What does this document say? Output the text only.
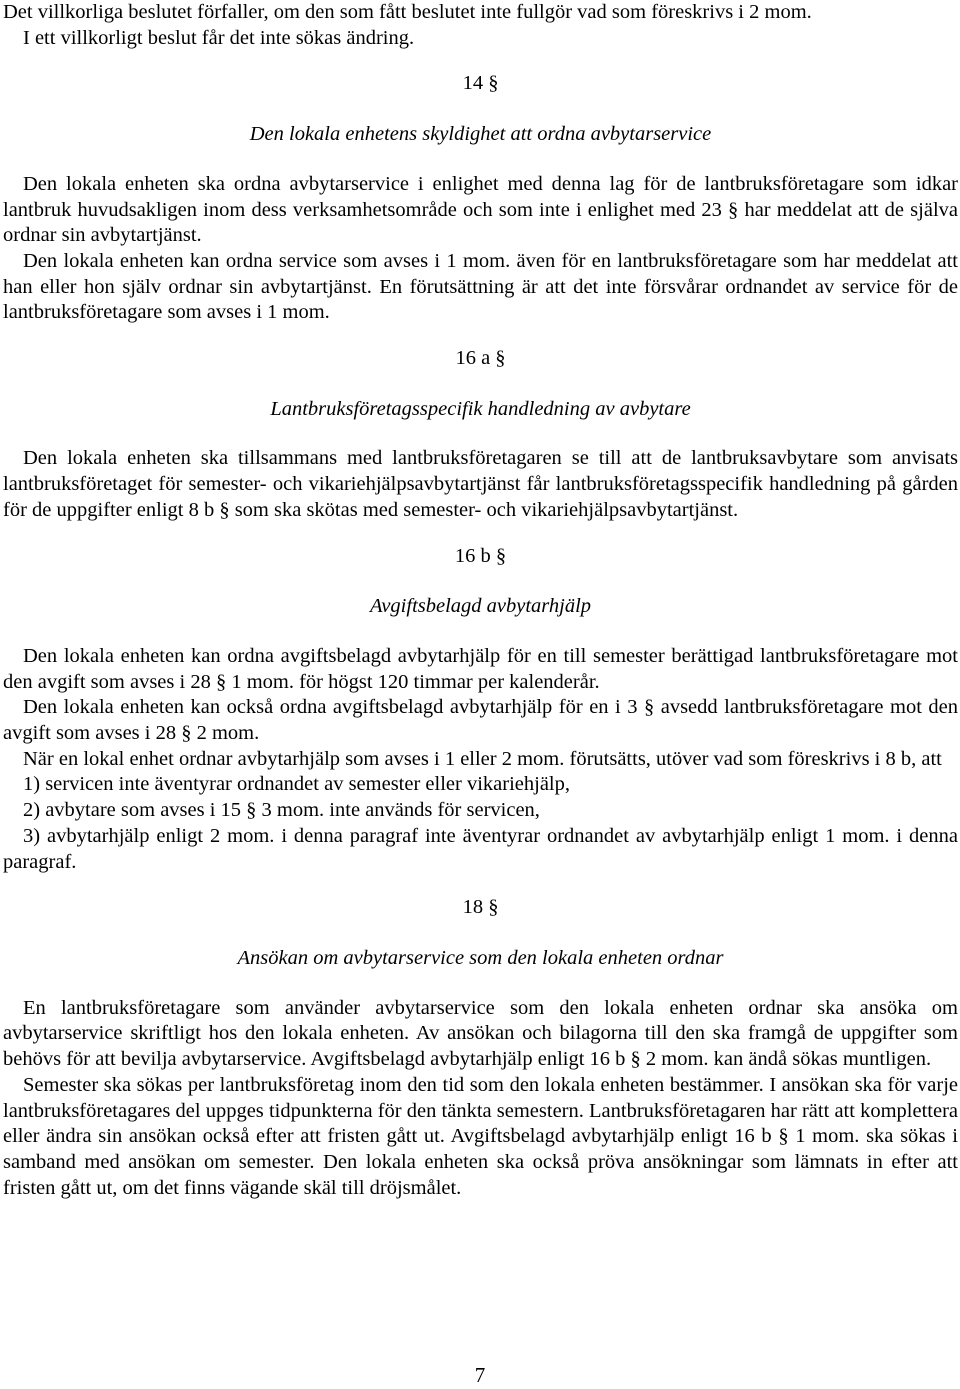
Det villkorliga beslutet förfaller, om den som fått beslutet inte fullgör vad som föreskrivs i 2 mom.

I ett villkorligt beslut får det inte sökas ändring.

14 §
Den lokala enhetens skyldighet att ordna avbytarservice

Den lokala enheten ska ordna avbytarservice i enlighet med denna lag för de lantbruksföretagare som idkar lantbruk huvudsakligen inom dess verksamhetsområde och som inte i enlighet med 23 § har meddelat att de själva ordnar sin avbytartjänst.

Den lokala enheten kan ordna service som avses i 1 mom. även för en lantbruksföretagare som har meddelat att han eller hon själv ordnar sin avbytartjänst. En förutsättning är att det inte försvårar ordnandet av service för de lantbruksföretagare som avses i 1 mom.

16 a §
Lantbruksföretagsspecifik handledning av avbytare

Den lokala enheten ska tillsammans med lantbruksföretagaren se till att de lantbruksavbytare som anvisats lantbruksföretaget för semester- och vikariehjälpsavbytartjänst får lantbruksföretagsspecifik handledning på gården för de uppgifter enligt 8 b § som ska skötas med semester- och vikariehjälpsavbytartjänst.

16 b §
Avgiftsbelagd avbytarhjälp

Den lokala enheten kan ordna avgiftsbelagd avbytarhjälp för en till semester berättigad lantbruksföretagare mot den avgift som avses i 28 § 1 mom. för högst 120 timmar per kalenderår.

Den lokala enheten kan också ordna avgiftsbelagd avbytarhjälp för en i 3 § avsedd lantbruksföretagare mot den avgift som avses i 28 § 2 mom.

När en lokal enhet ordnar avbytarhjälp som avses i 1 eller 2 mom. förutsätts, utöver vad som föreskrivs i 8 b, att

1) servicen inte äventyrar ordnandet av semester eller vikariehjälp,

2) avbytare som avses i 15 § 3 mom. inte används för servicen,

3) avbytarhjälp enligt 2 mom. i denna paragraf inte äventyrar ordnandet av avbytarhjälp enligt 1 mom. i denna paragraf.

18 §
Ansökan om avbytarservice som den lokala enheten ordnar

En lantbruksföretagare som använder avbytarservice som den lokala enheten ordnar ska ansöka om avbytarservice skriftligt hos den lokala enheten. Av ansökan och bilagorna till den ska framgå de uppgifter som behövs för att bevilja avbytarservice. Avgiftsbelagd avbytarhjälp enligt 16 b § 2 mom. kan ändå sökas muntligen.

Semester ska sökas per lantbruksföretag inom den tid som den lokala enheten bestämmer. I ansökan ska för varje lantbruksföretagares del uppges tidpunkterna för den tänkta semestern. Lantbruksföretagaren har rätt att komplettera eller ändra sin ansökan också efter att fristen gått ut. Avgiftsbelagd avbytarhjälp enligt 16 b § 1 mom. ska sökas i samband med ansökan om semester. Den lokala enheten ska också pröva ansökningar som lämnats in efter att fristen gått ut, om det finns vägande skäl till dröjsmålet.

7
